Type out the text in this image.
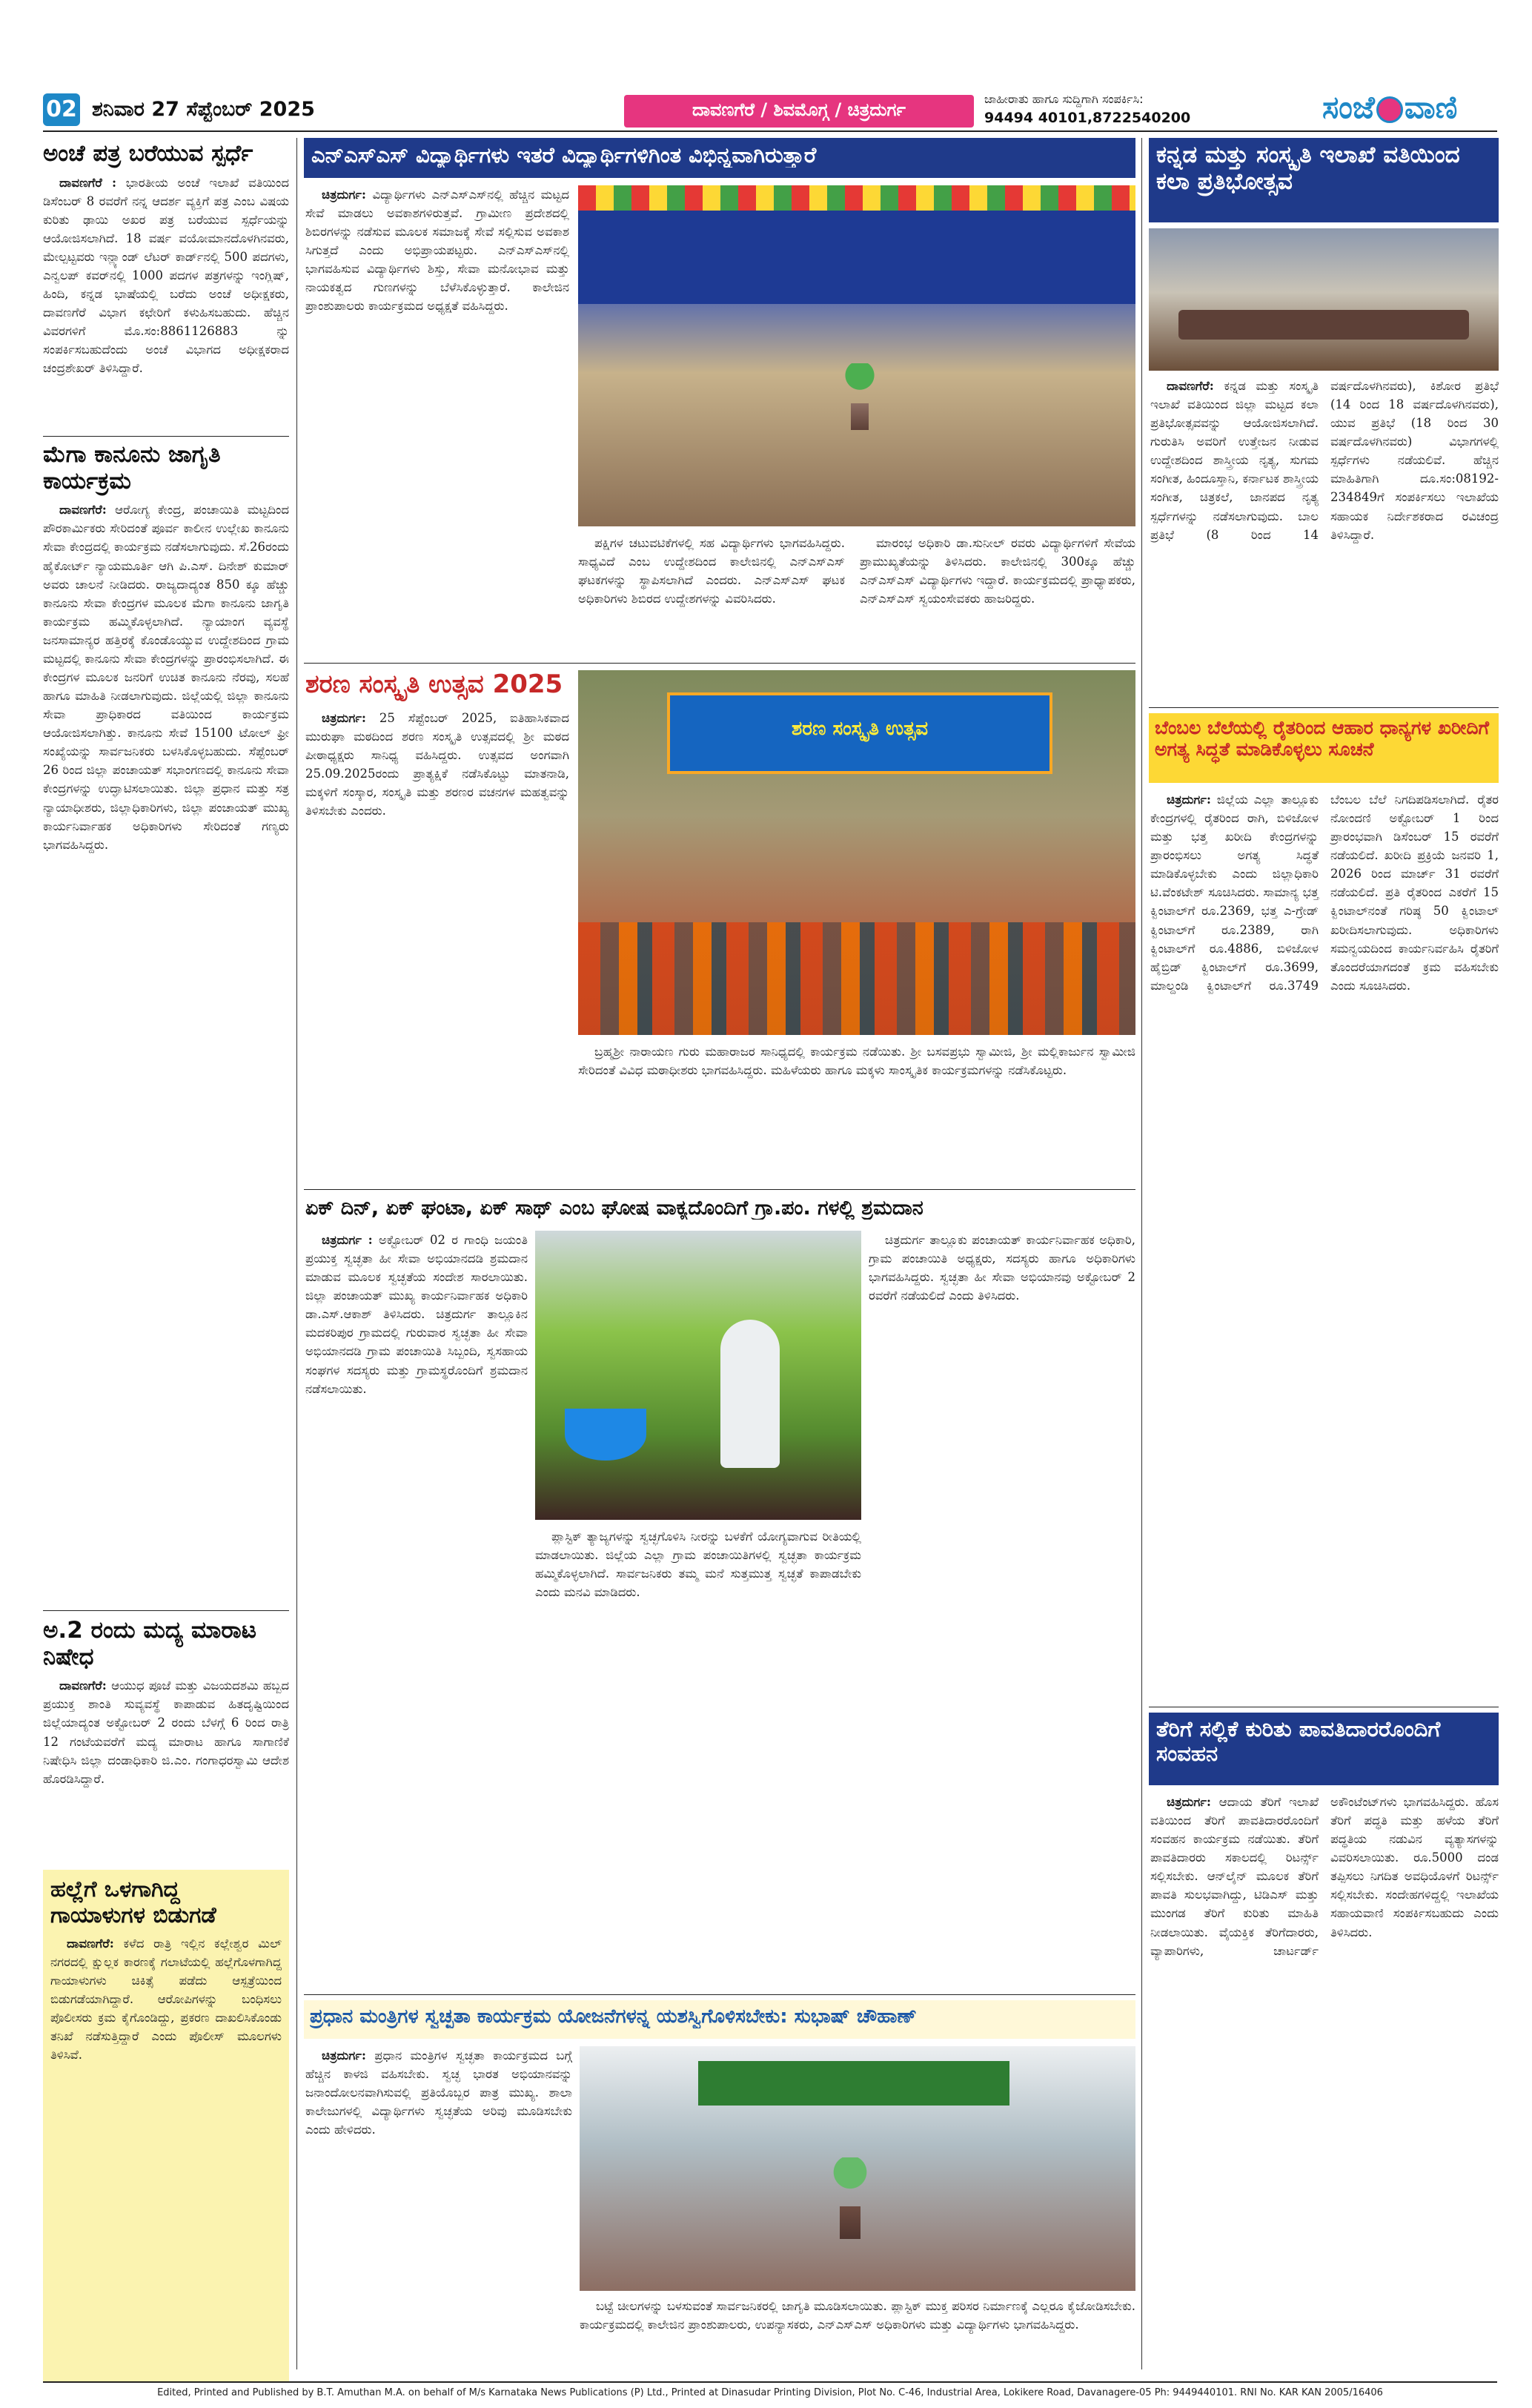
02 ಶನಿವಾರ 27 ಸೆಪ್ಟೆಂಬರ್ 2025	ದಾವಣಗೆರೆ / ಶಿವಮೊಗ್ಗ / ಚಿತ್ರದುರ್ಗ
ಜಾಹೀರಾತು ಹಾಗೂ ಸುದ್ದಿಗಾಗಿ ಸಂಪರ್ಕಿಸಿ:
94494 40101,8722540200	ಸಂಜೆ ವಾಣಿ
ಅಂಚೆ ಪತ್ರ ಬರೆಯುವ ಸ್ಪರ್ಧೆ

ದಾವಣಗೆರೆ : ಭಾರತೀಯ ಅಂಚೆ ಇಲಾಖೆ ವತಿಯಿಂದ ಡಿಸೆಂಬರ್ 8 ರವರೆಗೆ ನನ್ನ ಆದರ್ಶ ವ್ಯಕ್ತಿಗೆ ಪತ್ರ ಎಂಬ ವಿಷಯ ಕುರಿತು ಢಾಯಿ ಅಖರ ಪತ್ರ ಬರೆಯುವ ಸ್ಪರ್ಧೆಯನ್ನು ಆಯೋಜಿಸಲಾಗಿದೆ. 18 ವರ್ಷ ವಯೋಮಾನದೊಳಗಿನವರು, ಮೇಲ್ಪಟ್ಟವರು ಇನ್ಲ್ಯಾಂಡ್ ಲೆಟರ್ ಕಾರ್ಡ್‌ನಲ್ಲಿ 500 ಪದಗಳು, ಎನ್ವಲಪ್ ಕವರ್‌ನಲ್ಲಿ 1000 ಪದಗಳ ಪತ್ರಗಳನ್ನು ಇಂಗ್ಲಿಷ್, ಹಿಂದಿ, ಕನ್ನಡ ಭಾಷೆಯಲ್ಲಿ ಬರೆದು ಅಂಚೆ ಅಧೀಕ್ಷಕರು, ದಾವಣಗೆರೆ ವಿಭಾಗ ಕಛೇರಿಗೆ ಕಳುಹಿಸಬಹುದು. ಹೆಚ್ಚಿನ ವಿವರಗಳಿಗೆ ಮೊ.ಸಂ:8861126883 ನ್ನು ಸಂಪರ್ಕಿಸಬಹುದೆಂದು ಅಂಚೆ ವಿಭಾಗದ ಅಧೀಕ್ಷಕರಾದ ಚಂದ್ರಶೇಖರ್ ತಿಳಿಸಿದ್ದಾರೆ.

ಮೆಗಾ ಕಾನೂನು ಜಾಗೃತಿ ಕಾರ್ಯಕ್ರಮ

ದಾವಣಗೆರೆ: ಆರೋಗ್ಯ ಕೇಂದ್ರ, ಪಂಚಾಯಿತಿ ಮಟ್ಟದಿಂದ ಪೌರಕಾರ್ಮಿಕರು ಸೇರಿದಂತೆ ಪೂರ್ವ ಕಾಲೀನ ಉಲ್ಲೇಖ ಕಾನೂನು ಸೇವಾ ಕೇಂದ್ರದಲ್ಲಿ ಕಾರ್ಯಕ್ರಮ ನಡೆಸಲಾಗುವುದು. ಸೆ.26ರಂದು ಹೈಕೋರ್ಟ್ ನ್ಯಾಯಮೂರ್ತಿ ಆಗಿ ಪಿ.ಎಸ್. ದಿನೇಶ್ ಕುಮಾರ್ ಅವರು ಚಾಲನೆ ನೀಡಿದರು. ರಾಜ್ಯದಾದ್ಯಂತ 850 ಕ್ಕೂ ಹೆಚ್ಚು ಕಾನೂನು ಸೇವಾ ಕೇಂದ್ರಗಳ ಮೂಲಕ ಮೆಗಾ ಕಾನೂನು ಜಾಗೃತಿ ಕಾರ್ಯಕ್ರಮ ಹಮ್ಮಿಕೊಳ್ಳಲಾಗಿದೆ. ನ್ಯಾಯಾಂಗ ವ್ಯವಸ್ಥೆ ಜನಸಾಮಾನ್ಯರ ಹತ್ತಿರಕ್ಕೆ ಕೊಂಡೊಯ್ಯುವ ಉದ್ದೇಶದಿಂದ ಗ್ರಾಮ ಮಟ್ಟದಲ್ಲಿ ಕಾನೂನು ಸೇವಾ ಕೇಂದ್ರಗಳನ್ನು ಪ್ರಾರಂಭಿಸಲಾಗಿದೆ. ಈ ಕೇಂದ್ರಗಳ ಮೂಲಕ ಜನರಿಗೆ ಉಚಿತ ಕಾನೂನು ನೆರವು, ಸಲಹೆ ಹಾಗೂ ಮಾಹಿತಿ ನೀಡಲಾಗುವುದು. ಜಿಲ್ಲೆಯಲ್ಲಿ ಜಿಲ್ಲಾ ಕಾನೂನು ಸೇವಾ ಪ್ರಾಧಿಕಾರದ ವತಿಯಿಂದ ಕಾರ್ಯಕ್ರಮ ಆಯೋಜಿಸಲಾಗಿತ್ತು. ಕಾನೂನು ಸೇವೆ 15100 ಟೋಲ್ ಫ್ರೀ ಸಂಖ್ಯೆಯನ್ನು ಸಾರ್ವಜನಿಕರು ಬಳಸಿಕೊಳ್ಳಬಹುದು. ಸೆಪ್ಟೆಂಬರ್ 26 ರಿಂದ ಜಿಲ್ಲಾ ಪಂಚಾಯತ್ ಸಭಾಂಗಣದಲ್ಲಿ ಕಾನೂನು ಸೇವಾ ಕೇಂದ್ರಗಳನ್ನು ಉದ್ಘಾಟಿಸಲಾಯಿತು. ಜಿಲ್ಲಾ ಪ್ರಧಾನ ಮತ್ತು ಸತ್ರ ನ್ಯಾಯಾಧೀಶರು, ಜಿಲ್ಲಾಧಿಕಾರಿಗಳು, ಜಿಲ್ಲಾ ಪಂಚಾಯತ್ ಮುಖ್ಯ ಕಾರ್ಯನಿರ್ವಾಹಕ ಅಧಿಕಾರಿಗಳು ಸೇರಿದಂತೆ ಗಣ್ಯರು ಭಾಗವಹಿಸಿದ್ದರು.

ಅ.2 ರಂದು ಮದ್ಯ ಮಾರಾಟ ನಿಷೇಧ

ದಾವಣಗೆರೆ: ಆಯುಧ ಪೂಜೆ ಮತ್ತು ವಿಜಯದಶಮಿ ಹಬ್ಬದ ಪ್ರಯುಕ್ತ ಶಾಂತಿ ಸುವ್ಯವಸ್ಥೆ ಕಾಪಾಡುವ ಹಿತದೃಷ್ಟಿಯಿಂದ ಜಿಲ್ಲೆಯಾದ್ಯಂತ ಅಕ್ಟೋಬರ್ 2 ರಂದು ಬೆಳಗ್ಗೆ 6 ರಿಂದ ರಾತ್ರಿ 12 ಗಂಟೆಯವರೆಗೆ ಮದ್ಯ ಮಾರಾಟ ಹಾಗೂ ಸಾಗಾಣಿಕೆ ನಿಷೇಧಿಸಿ ಜಿಲ್ಲಾ ದಂಡಾಧಿಕಾರಿ ಜಿ.ಎಂ. ಗಂಗಾಧರಸ್ವಾಮಿ ಆದೇಶ ಹೊರಡಿಸಿದ್ದಾರೆ.

ಹಲ್ಲೆಗೆ ಒಳಗಾಗಿದ್ದ ಗಾಯಾಳುಗಳ ಬಿಡುಗಡೆ

ದಾವಣಗೆರೆ: ಕಳೆದ ರಾತ್ರಿ ಇಲ್ಲಿನ ಕಲ್ಲೇಶ್ವರ ಮಿಲ್ ನಗರದಲ್ಲಿ ಕ್ಷುಲ್ಲಕ ಕಾರಣಕ್ಕೆ ಗಲಾಟೆಯಲ್ಲಿ ಹಲ್ಲೆಗೊಳಗಾಗಿದ್ದ ಗಾಯಾಳುಗಳು ಚಿಕಿತ್ಸೆ ಪಡೆದು ಆಸ್ಪತ್ರೆಯಿಂದ ಬಿಡುಗಡೆಯಾಗಿದ್ದಾರೆ. ಆರೋಪಿಗಳನ್ನು ಬಂಧಿಸಲು ಪೊಲೀಸರು ಕ್ರಮ ಕೈಗೊಂಡಿದ್ದು, ಪ್ರಕರಣ ದಾಖಲಿಸಿಕೊಂಡು ತನಿಖೆ ನಡೆಸುತ್ತಿದ್ದಾರೆ ಎಂದು ಪೊಲೀಸ್ ಮೂಲಗಳು ತಿಳಿಸಿವೆ.

ಎನ್‌ಎಸ್‌ಎಸ್ ವಿದ್ಯಾರ್ಥಿಗಳು ಇತರೆ ವಿದ್ಯಾರ್ಥಿಗಳಿಗಿಂತ ವಿಭಿನ್ನವಾಗಿರುತ್ತಾರೆ

ಚಿತ್ರದುರ್ಗ: ವಿದ್ಯಾರ್ಥಿಗಳು ಎನ್‌ಎಸ್‌ಎಸ್‌ನಲ್ಲಿ ಹೆಚ್ಚಿನ ಮಟ್ಟದ ಸೇವೆ ಮಾಡಲು ಅವಕಾಶಗಳಿರುತ್ತವೆ. ಗ್ರಾಮೀಣ ಪ್ರದೇಶದಲ್ಲಿ ಶಿಬಿರಗಳನ್ನು ನಡೆಸುವ ಮೂಲಕ ಸಮಾಜಕ್ಕೆ ಸೇವೆ ಸಲ್ಲಿಸುವ ಅವಕಾಶ ಸಿಗುತ್ತದೆ ಎಂದು ಅಭಿಪ್ರಾಯಪಟ್ಟರು. ಎನ್‌ಎಸ್‌ಎಸ್‌ನಲ್ಲಿ ಭಾಗವಹಿಸುವ ವಿದ್ಯಾರ್ಥಿಗಳು ಶಿಸ್ತು, ಸೇವಾ ಮನೋಭಾವ ಮತ್ತು ನಾಯಕತ್ವದ ಗುಣಗಳನ್ನು ಬೆಳೆಸಿಕೊಳ್ಳುತ್ತಾರೆ. ಕಾಲೇಜಿನ ಪ್ರಾಂಶುಪಾಲರು ಕಾರ್ಯಕ್ರಮದ ಅಧ್ಯಕ್ಷತೆ ವಹಿಸಿದ್ದರು.

ಪಕ್ಷಿಗಳ ಚಟುವಟಿಕೆಗಳಲ್ಲಿ ಸಹ ವಿದ್ಯಾರ್ಥಿಗಳು ಭಾಗವಹಿಸಿದ್ದರು. ಸಾಧ್ಯವಿದೆ ಎಂಬ ಉದ್ದೇಶದಿಂದ ಕಾಲೇಜಿನಲ್ಲಿ ಎನ್‌ಎಸ್‌ಎಸ್ ಘಟಕಗಳನ್ನು ಸ್ಥಾಪಿಸಲಾಗಿದೆ ಎಂದರು. ಎನ್‌ಎಸ್‌ಎಸ್ ಘಟಕ ಅಧಿಕಾರಿಗಳು ಶಿಬಿರದ ಉದ್ದೇಶಗಳನ್ನು ವಿವರಿಸಿದರು.

ಮಾರಂಭ ಅಧಿಕಾರಿ ಡಾ.ಸುನೀಲ್ ರವರು ವಿದ್ಯಾರ್ಥಿಗಳಿಗೆ ಸೇವೆಯ ಪ್ರಾಮುಖ್ಯತೆಯನ್ನು ತಿಳಿಸಿದರು. ಕಾಲೇಜಿನಲ್ಲಿ 300ಕ್ಕೂ ಹೆಚ್ಚು ಎನ್‌ಎಸ್‌ಎಸ್ ವಿದ್ಯಾರ್ಥಿಗಳು ಇದ್ದಾರೆ. ಕಾರ್ಯಕ್ರಮದಲ್ಲಿ ಪ್ರಾಧ್ಯಾಪಕರು, ಎನ್‌ಎಸ್‌ಎಸ್ ಸ್ವಯಂಸೇವಕರು ಹಾಜರಿದ್ದರು.

ಶರಣ ಸಂಸ್ಕೃತಿ ಉತ್ಸವ 2025

ಚಿತ್ರದುರ್ಗ: 25 ಸೆಪ್ಟೆಂಬರ್ 2025, ಐತಿಹಾಸಿಕವಾದ ಮುರುಘಾ ಮಠದಿಂದ ಶರಣ ಸಂಸ್ಕೃತಿ ಉತ್ಸವದಲ್ಲಿ ಶ್ರೀ ಮಠದ ಪೀಠಾಧ್ಯಕ್ಷರು ಸಾನಿಧ್ಯ ವಹಿಸಿದ್ದರು. ಉತ್ಸವದ ಅಂಗವಾಗಿ 25.09.2025ರಂದು ಪ್ರಾತ್ಯಕ್ಷಿಕೆ ನಡೆಸಿಕೊಟ್ಟು ಮಾತನಾಡಿ, ಮಕ್ಕಳಿಗೆ ಸಂಸ್ಕಾರ, ಸಂಸ್ಕೃತಿ ಮತ್ತು ಶರಣರ ವಚನಗಳ ಮಹತ್ವವನ್ನು ತಿಳಿಸಬೇಕು ಎಂದರು.

ಶರಣ ಸಂಸ್ಕೃತಿ ಉತ್ಸವ

ಬ್ರಹ್ಮಶ್ರೀ ನಾರಾಯಣ ಗುರು ಮಹಾರಾಜರ ಸಾನಿಧ್ಯದಲ್ಲಿ ಕಾರ್ಯಕ್ರಮ ನಡೆಯಿತು. ಶ್ರೀ ಬಸವಪ್ರಭು ಸ್ವಾಮೀಜಿ, ಶ್ರೀ ಮಲ್ಲಿಕಾರ್ಜುನ ಸ್ವಾಮೀಜಿ ಸೇರಿದಂತೆ ವಿವಿಧ ಮಠಾಧೀಶರು ಭಾಗವಹಿಸಿದ್ದರು. ಮಹಿಳೆಯರು ಹಾಗೂ ಮಕ್ಕಳು ಸಾಂಸ್ಕೃತಿಕ ಕಾರ್ಯಕ್ರಮಗಳನ್ನು ನಡೆಸಿಕೊಟ್ಟರು.

ಏಕ್ ದಿನ್, ಏಕ್ ಘಂಟಾ, ಏಕ್ ಸಾಥ್ ಎಂಬ ಘೋಷ ವಾಕ್ಯದೊಂದಿಗೆ ಗ್ರಾ.ಪಂ. ಗಳಲ್ಲಿ ಶ್ರಮದಾನ

ಚಿತ್ರದುರ್ಗ : ಅಕ್ಟೋಬರ್ 02 ರ ಗಾಂಧಿ ಜಯಂತಿ ಪ್ರಯುಕ್ತ ಸ್ವಚ್ಛತಾ ಹೀ ಸೇವಾ ಅಭಿಯಾನದಡಿ ಶ್ರಮದಾನ ಮಾಡುವ ಮೂಲಕ ಸ್ವಚ್ಛತೆಯ ಸಂದೇಶ ಸಾರಲಾಯಿತು. ಜಿಲ್ಲಾ ಪಂಚಾಯತ್ ಮುಖ್ಯ ಕಾರ್ಯನಿರ್ವಾಹಕ ಅಧಿಕಾರಿ ಡಾ.ಎಸ್.ಆಕಾಶ್ ತಿಳಿಸಿದರು. ಚಿತ್ರದುರ್ಗ ತಾಲ್ಲೂಕಿನ ಮದಕರಿಪುರ ಗ್ರಾಮದಲ್ಲಿ ಗುರುವಾರ ಸ್ವಚ್ಛತಾ ಹೀ ಸೇವಾ ಅಭಿಯಾನದಡಿ ಗ್ರಾಮ ಪಂಚಾಯಿತಿ ಸಿಬ್ಬಂದಿ, ಸ್ವಸಹಾಯ ಸಂಘಗಳ ಸದಸ್ಯರು ಮತ್ತು ಗ್ರಾಮಸ್ಥರೊಂದಿಗೆ ಶ್ರಮದಾನ ನಡೆಸಲಾಯಿತು.

ಪ್ಲಾಸ್ಟಿಕ್ ತ್ಯಾಜ್ಯಗಳನ್ನು ಸ್ವಚ್ಛಗೊಳಿಸಿ ನೀರನ್ನು ಬಳಕೆಗೆ ಯೋಗ್ಯವಾಗುವ ರೀತಿಯಲ್ಲಿ ಮಾಡಲಾಯಿತು. ಜಿಲ್ಲೆಯ ಎಲ್ಲಾ ಗ್ರಾಮ ಪಂಚಾಯಿತಿಗಳಲ್ಲಿ ಸ್ವಚ್ಛತಾ ಕಾರ್ಯಕ್ರಮ ಹಮ್ಮಿಕೊಳ್ಳಲಾಗಿದೆ. ಸಾರ್ವಜನಿಕರು ತಮ್ಮ ಮನೆ ಸುತ್ತಮುತ್ತ ಸ್ವಚ್ಛತೆ ಕಾಪಾಡಬೇಕು ಎಂದು ಮನವಿ ಮಾಡಿದರು.

ಚಿತ್ರದುರ್ಗ ತಾಲ್ಲೂಕು ಪಂಚಾಯತ್ ಕಾರ್ಯನಿರ್ವಾಹಕ ಅಧಿಕಾರಿ, ಗ್ರಾಮ ಪಂಚಾಯಿತಿ ಅಧ್ಯಕ್ಷರು, ಸದಸ್ಯರು ಹಾಗೂ ಅಧಿಕಾರಿಗಳು ಭಾಗವಹಿಸಿದ್ದರು. ಸ್ವಚ್ಛತಾ ಹೀ ಸೇವಾ ಅಭಿಯಾನವು ಅಕ್ಟೋಬರ್ 2 ರವರೆಗೆ ನಡೆಯಲಿದೆ ಎಂದು ತಿಳಿಸಿದರು.

ಪ್ರಧಾನ ಮಂತ್ರಿಗಳ ಸ್ವಚ್ಛತಾ ಕಾರ್ಯಕ್ರಮ ಯೋಜನೆಗಳನ್ನ ಯಶಸ್ವಿಗೊಳಿಸಬೇಕು: ಸುಭಾಷ್ ಚೌಹಾಣ್

ಚಿತ್ರದುರ್ಗ: ಪ್ರಧಾನ ಮಂತ್ರಿಗಳ ಸ್ವಚ್ಛತಾ ಕಾರ್ಯಕ್ರಮದ ಬಗ್ಗೆ ಹೆಚ್ಚಿನ ಕಾಳಜಿ ವಹಿಸಬೇಕು. ಸ್ವಚ್ಛ ಭಾರತ ಅಭಿಯಾನವನ್ನು ಜನಾಂದೋಲನವಾಗಿಸುವಲ್ಲಿ ಪ್ರತಿಯೊಬ್ಬರ ಪಾತ್ರ ಮುಖ್ಯ. ಶಾಲಾ ಕಾಲೇಜುಗಳಲ್ಲಿ ವಿದ್ಯಾರ್ಥಿಗಳು ಸ್ವಚ್ಛತೆಯ ಅರಿವು ಮೂಡಿಸಬೇಕು ಎಂದು ಹೇಳಿದರು.

ಬಟ್ಟೆ ಚೀಲಗಳನ್ನು ಬಳಸುವಂತೆ ಸಾರ್ವಜನಿಕರಲ್ಲಿ ಜಾಗೃತಿ ಮೂಡಿಸಲಾಯಿತು. ಪ್ಲಾಸ್ಟಿಕ್ ಮುಕ್ತ ಪರಿಸರ ನಿರ್ಮಾಣಕ್ಕೆ ಎಲ್ಲರೂ ಕೈಜೋಡಿಸಬೇಕು. ಕಾರ್ಯಕ್ರಮದಲ್ಲಿ ಕಾಲೇಜಿನ ಪ್ರಾಂಶುಪಾಲರು, ಉಪನ್ಯಾಸಕರು, ಎನ್‌ಎಸ್‌ಎಸ್ ಅಧಿಕಾರಿಗಳು ಮತ್ತು ವಿದ್ಯಾರ್ಥಿಗಳು ಭಾಗವಹಿಸಿದ್ದರು.

ಕನ್ನಡ ಮತ್ತು ಸಂಸ್ಕೃತಿ ಇಲಾಖೆ ವತಿಯಿಂದ ಕಲಾ ಪ್ರತಿಭೋತ್ಸವ

ದಾವಣಗೆರೆ: ಕನ್ನಡ ಮತ್ತು ಸಂಸ್ಕೃತಿ ಇಲಾಖೆ ವತಿಯಿಂದ ಜಿಲ್ಲಾ ಮಟ್ಟದ ಕಲಾ ಪ್ರತಿಭೋತ್ಸವವನ್ನು ಆಯೋಜಿಸಲಾಗಿದೆ. ಗುರುತಿಸಿ ಅವರಿಗೆ ಉತ್ತೇಜನ ನೀಡುವ ಉದ್ದೇಶದಿಂದ ಶಾಸ್ತ್ರೀಯ ನೃತ್ಯ, ಸುಗಮ ಸಂಗೀತ, ಹಿಂದೂಸ್ತಾನಿ, ಕರ್ನಾಟಕ ಶಾಸ್ತ್ರೀಯ ಸಂಗೀತ, ಚಿತ್ರಕಲೆ, ಜಾನಪದ ನೃತ್ಯ ಸ್ಪರ್ಧೆಗಳನ್ನು ನಡೆಸಲಾಗುವುದು. ಬಾಲ ಪ್ರತಿಭೆ (8 ರಿಂದ 14 ವರ್ಷದೊಳಗಿನವರು), ಕಿಶೋರ ಪ್ರತಿಭೆ (14 ರಿಂದ 18 ವರ್ಷದೊಳಗಿನವರು), ಯುವ ಪ್ರತಿಭೆ (18 ರಿಂದ 30 ವರ್ಷದೊಳಗಿನವರು) ವಿಭಾಗಗಳಲ್ಲಿ ಸ್ಪರ್ಧೆಗಳು ನಡೆಯಲಿವೆ. ಹೆಚ್ಚಿನ ಮಾಹಿತಿಗಾಗಿ ದೂ.ಸಂ:08192-234849ಗೆ ಸಂಪರ್ಕಿಸಲು ಇಲಾಖೆಯ ಸಹಾಯಕ ನಿರ್ದೇಶಕರಾದ ರವಿಚಂದ್ರ ತಿಳಿಸಿದ್ದಾರೆ.

ಬೆಂಬಲ ಬೆಲೆಯಲ್ಲಿ ರೈತರಿಂದ ಆಹಾರ ಧಾನ್ಯಗಳ ಖರೀದಿಗೆ ಅಗತ್ಯ ಸಿದ್ಧತೆ ಮಾಡಿಕೊಳ್ಳಲು ಸೂಚನೆ

ಚಿತ್ರದುರ್ಗ: ಜಿಲ್ಲೆಯ ಎಲ್ಲಾ ತಾಲ್ಲೂಕು ಕೇಂದ್ರಗಳಲ್ಲಿ ರೈತರಿಂದ ರಾಗಿ, ಬಿಳಿಜೋಳ ಮತ್ತು ಭತ್ತ ಖರೀದಿ ಕೇಂದ್ರಗಳನ್ನು ಪ್ರಾರಂಭಿಸಲು ಅಗತ್ಯ ಸಿದ್ಧತೆ ಮಾಡಿಕೊಳ್ಳಬೇಕು ಎಂದು ಜಿಲ್ಲಾಧಿಕಾರಿ ಟಿ.ವೆಂಕಟೇಶ್ ಸೂಚಿಸಿದರು. ಸಾಮಾನ್ಯ ಭತ್ತ ಕ್ವಿಂಟಾಲ್‌ಗೆ ರೂ.2369, ಭತ್ತ ಎ-ಗ್ರೇಡ್ ಕ್ವಿಂಟಾಲ್‌ಗೆ ರೂ.2389, ರಾಗಿ ಕ್ವಿಂಟಾಲ್‌ಗೆ ರೂ.4886, ಬಿಳಿಜೋಳ ಹೈಬ್ರಿಡ್ ಕ್ವಿಂಟಾಲ್‌ಗೆ ರೂ.3699, ಮಾಲ್ದಂಡಿ ಕ್ವಿಂಟಾಲ್‌ಗೆ ರೂ.3749 ಬೆಂಬಲ ಬೆಲೆ ನಿಗದಿಪಡಿಸಲಾಗಿದೆ. ರೈತರ ನೋಂದಣಿ ಅಕ್ಟೋಬರ್ 1 ರಿಂದ ಪ್ರಾರಂಭವಾಗಿ ಡಿಸೆಂಬರ್ 15 ರವರೆಗೆ ನಡೆಯಲಿದೆ. ಖರೀದಿ ಪ್ರಕ್ರಿಯೆ ಜನವರಿ 1, 2026 ರಿಂದ ಮಾರ್ಚ್ 31 ರವರೆಗೆ ನಡೆಯಲಿದೆ. ಪ್ರತಿ ರೈತರಿಂದ ಎಕರೆಗೆ 15 ಕ್ವಿಂಟಾಲ್‌ನಂತೆ ಗರಿಷ್ಠ 50 ಕ್ವಿಂಟಾಲ್ ಖರೀದಿಸಲಾಗುವುದು. ಅಧಿಕಾರಿಗಳು ಸಮನ್ವಯದಿಂದ ಕಾರ್ಯನಿರ್ವಹಿಸಿ ರೈತರಿಗೆ ತೊಂದರೆಯಾಗದಂತೆ ಕ್ರಮ ವಹಿಸಬೇಕು ಎಂದು ಸೂಚಿಸಿದರು.

ತೆರಿಗೆ ಸಲ್ಲಿಕೆ ಕುರಿತು ಪಾವತಿದಾರರೊಂದಿಗೆ ಸಂವಹನ

ಚಿತ್ರದುರ್ಗ: ಆದಾಯ ತೆರಿಗೆ ಇಲಾಖೆ ವತಿಯಿಂದ ತೆರಿಗೆ ಪಾವತಿದಾರರೊಂದಿಗೆ ಸಂವಹನ ಕಾರ್ಯಕ್ರಮ ನಡೆಯಿತು. ತೆರಿಗೆ ಪಾವತಿದಾರರು ಸಕಾಲದಲ್ಲಿ ರಿಟರ್ನ್ಸ್ ಸಲ್ಲಿಸಬೇಕು. ಆನ್‌ಲೈನ್ ಮೂಲಕ ತೆರಿಗೆ ಪಾವತಿ ಸುಲಭವಾಗಿದ್ದು, ಟಿಡಿಎಸ್ ಮತ್ತು ಮುಂಗಡ ತೆರಿಗೆ ಕುರಿತು ಮಾಹಿತಿ ನೀಡಲಾಯಿತು. ವೈಯಕ್ತಿಕ ತೆರಿಗೆದಾರರು, ವ್ಯಾಪಾರಿಗಳು, ಚಾರ್ಟರ್ಡ್ ಅಕೌಂಟೆಂಟ್‌ಗಳು ಭಾಗವಹಿಸಿದ್ದರು. ಹೊಸ ತೆರಿಗೆ ಪದ್ಧತಿ ಮತ್ತು ಹಳೆಯ ತೆರಿಗೆ ಪದ್ಧತಿಯ ನಡುವಿನ ವ್ಯತ್ಯಾಸಗಳನ್ನು ವಿವರಿಸಲಾಯಿತು. ರೂ.5000 ದಂಡ ತಪ್ಪಿಸಲು ನಿಗದಿತ ಅವಧಿಯೊಳಗೆ ರಿಟರ್ನ್ಸ್ ಸಲ್ಲಿಸಬೇಕು. ಸಂದೇಹಗಳಿದ್ದಲ್ಲಿ ಇಲಾಖೆಯ ಸಹಾಯವಾಣಿ ಸಂಪರ್ಕಿಸಬಹುದು ಎಂದು ತಿಳಿಸಿದರು.

Edited, Printed and Published by B.T. Amuthan M.A. on behalf of M/s Karnataka News Publications (P) Ltd., Printed at Dinasudar Printing Division, Plot No. C-46, Industrial Area, Lokikere Road, Davanagere-05 Ph: 9449440101. RNI No. KAR KAN 2005/16406
